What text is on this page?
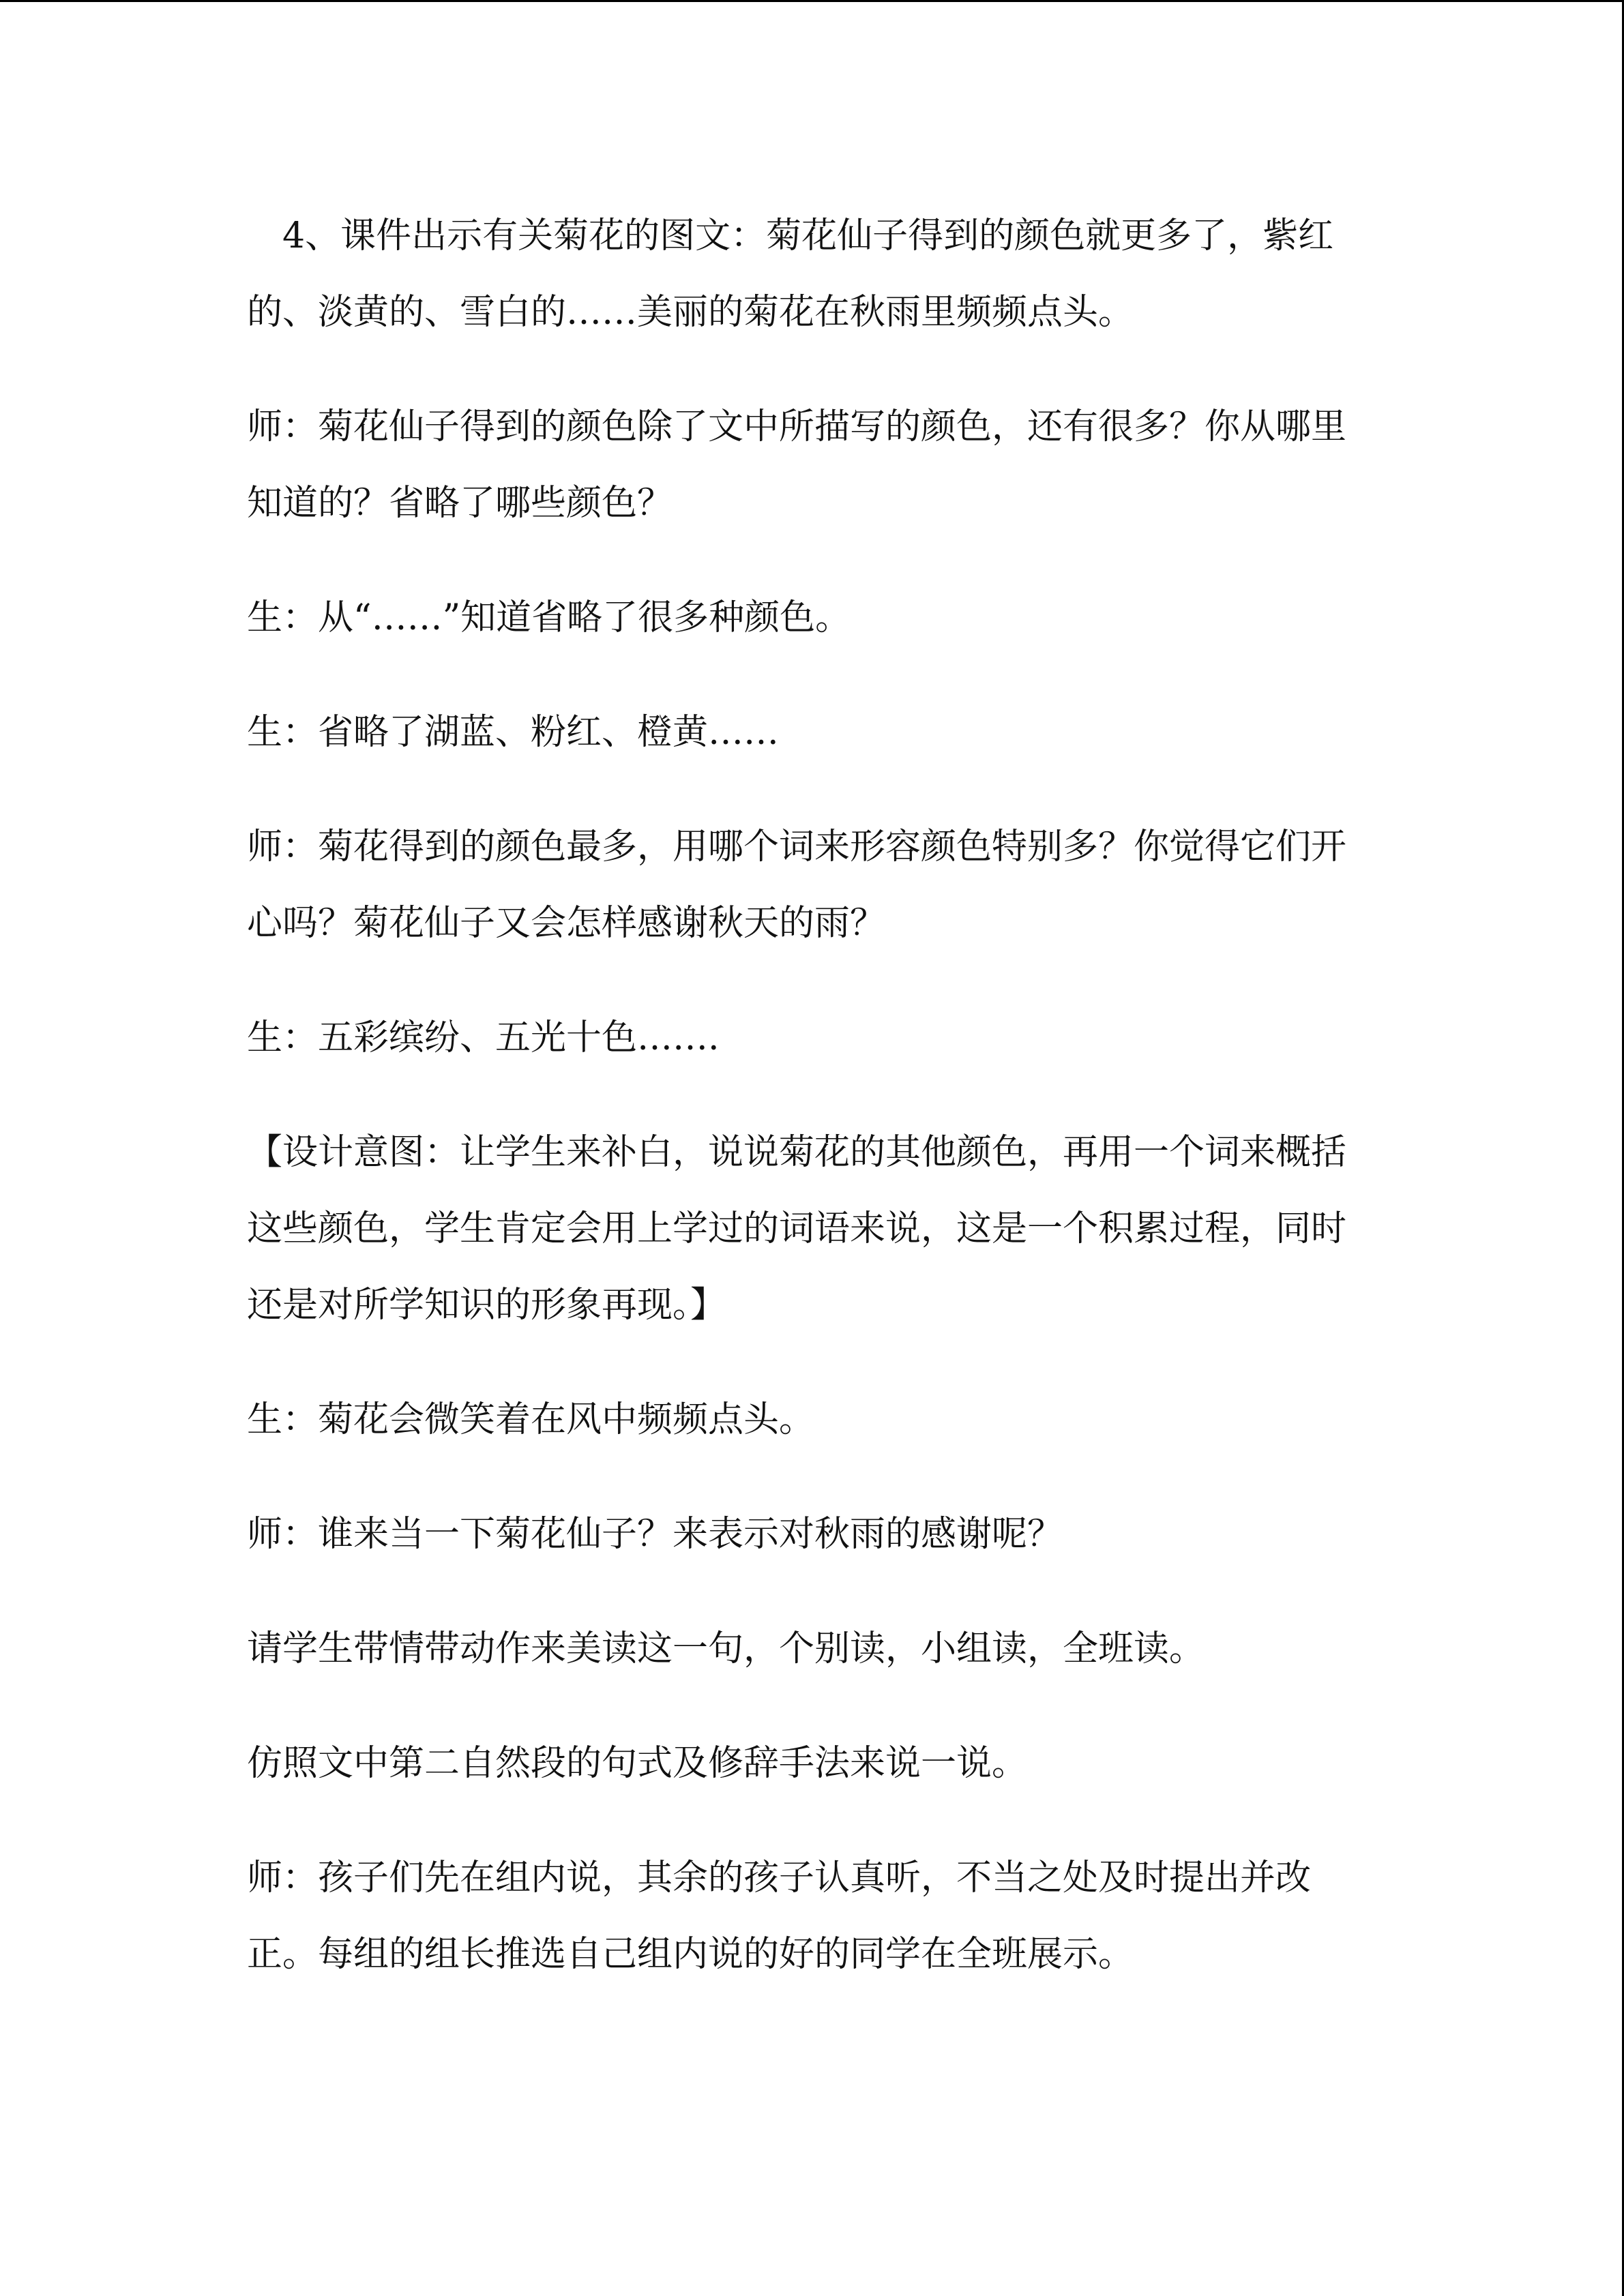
4、课件出示有关菊花的图文：菊花仙子得到的颜色就更多了，紫红的、淡黄的、雪白的……美丽的菊花在秋雨里频频点头。

师：菊花仙子得到的颜色除了文中所描写的颜色，还有很多？你从哪里知道的？省略了哪些颜色？

生：从“……”知道省略了很多种颜色。

生：省略了湖蓝、粉红、橙黄……

师：菊花得到的颜色最多，用哪个词来形容颜色特别多？你觉得它们开心吗？菊花仙子又会怎样感谢秋天的雨？

生：五彩缤纷、五光十色…….

【设计意图：让学生来补白，说说菊花的其他颜色，再用一个词来概括这些颜色，学生肯定会用上学过的词语来说，这是一个积累过程，同时还是对所学知识的形象再现。】

生：菊花会微笑着在风中频频点头。

师：谁来当一下菊花仙子？来表示对秋雨的感谢呢？

请学生带情带动作来美读这一句，个别读，小组读，全班读。

仿照文中第二自然段的句式及修辞手法来说一说。

师：孩子们先在组内说，其余的孩子认真听，不当之处及时提出并改正。每组的组长推选自己组内说的好的同学在全班展示。
